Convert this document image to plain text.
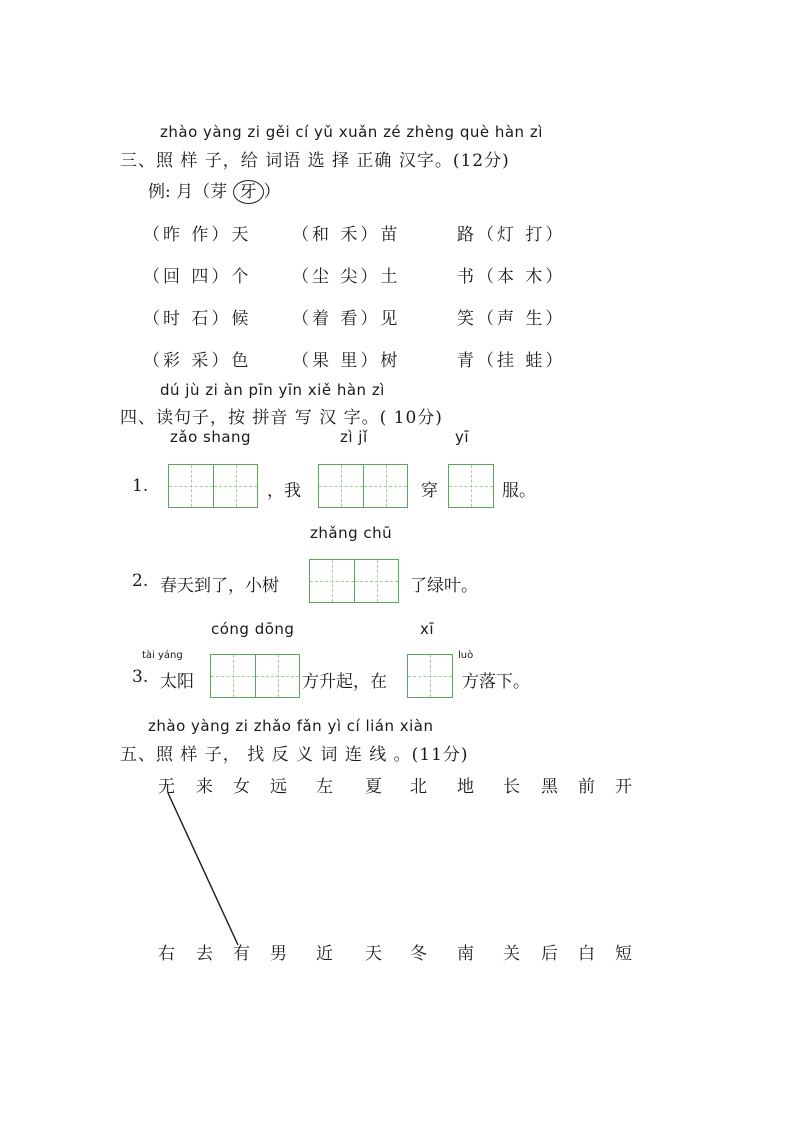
zhào yàng zi gěi cí yǔ xuǎn zé zhèng què hàn zì
三、照 样 子，给 词语 选 择 正确 汉字。(12分)
例: 月（芽 牙 ）
（昨 作）天 （和 禾）苗	路（灯 打）
（回 四）个 （尘 尖）土	书（本 木）
（时 石）候 （着 看）见	笑（声 生）
（彩 采）色 （果 里）树	青（挂 蛙）
dú jù zi àn pīn yīn xiě hàn zì
四、读句子，按 拼音 写 汉 字。( 10分)
zǎo shang	zì jǐ	yī
1.	，我	穿	服。
zhǎng chū
2. 春天到了，小树	了绿叶。
cóng dōng	xī
tài yáng	luò
3. 太阳	方升起，在	方落下。
zhào yàng zi zhǎo fǎn yì cí lián xiàn
五、照 样 子， 找 反 义 词 连 线 。(11分)
无 来 女 远 左 夏 北 地 长 黑 前 开
右 去 有 男 近 天 冬 南 关 后 白 短
